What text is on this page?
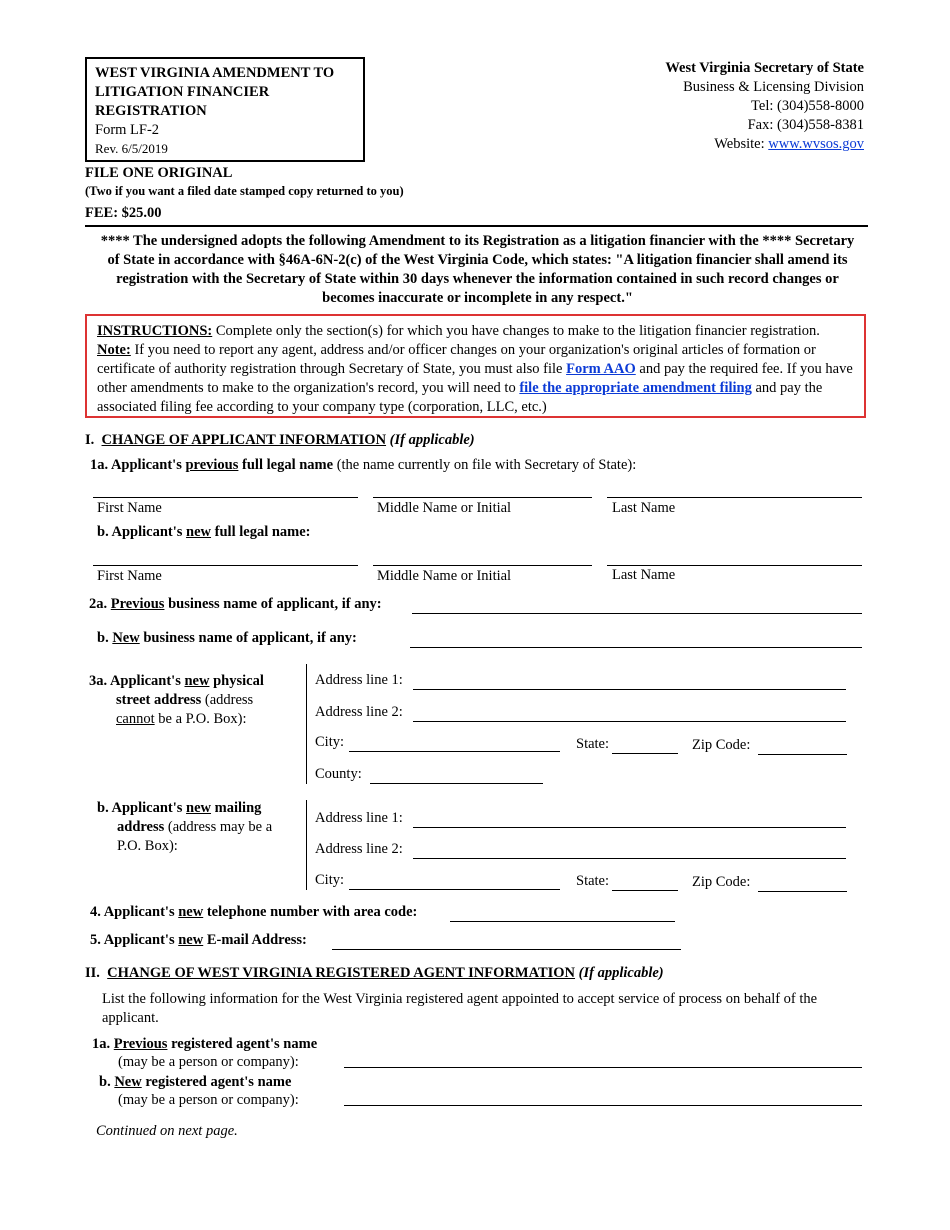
WEST VIRGINIA AMENDMENT TO
LITIGATION FINANCIER
REGISTRATION
Form LF-2
Rev. 6/5/2019
West Virginia Secretary of State
Business & Licensing Division
Tel: (304)558-8000
Fax: (304)558-8381
Website: www.wvsos.gov
FILE ONE ORIGINAL
(Two if you want a filed date stamped copy returned to you)
FEE: $25.00
**** The undersigned adopts the following Amendment to its Registration as a litigation financier with the **** Secretary of State in accordance with §46A-6N-2(c) of the West Virginia Code, which states: "A litigation financier shall amend its registration with the Secretary of State within 30 days whenever the information contained in such record changes or becomes inaccurate or incomplete in any respect."
INSTRUCTIONS: Complete only the section(s) for which you have changes to make to the litigation financier registration. Note: If you need to report any agent, address and/or officer changes on your organization's original articles of formation or certificate of authority registration through Secretary of State, you must also file Form AAO and pay the required fee. If you have other amendments to make to the organization's record, you will need to file the appropriate amendment filing and pay the associated filing fee according to your company type (corporation, LLC, etc.)
I. CHANGE OF APPLICANT INFORMATION (If applicable)
1a. Applicant's previous full legal name (the name currently on file with Secretary of State):
First Name	Middle Name or Initial	Last Name
b. Applicant's new full legal name:
First Name	Middle Name or Initial	Last Name
2a. Previous business name of applicant, if any:
b. New business name of applicant, if any:
3a. Applicant's new physical
street address (address
cannot be a P.O. Box):
Address line 1:
Address line 2:
City:	State:	Zip Code:
County:
b. Applicant's new mailing
address (address may be a
P.O. Box):
Address line 1:
Address line 2:
City:	State:	Zip Code:
4. Applicant's new telephone number with area code:
5. Applicant's new E-mail Address:
II. CHANGE OF WEST VIRGINIA REGISTERED AGENT INFORMATION (If applicable)
List the following information for the West Virginia registered agent appointed to accept service of process on behalf of the applicant.
1a. Previous registered agent's name
(may be a person or company):
b. New registered agent's name
(may be a person or company):
Continued on next page.
